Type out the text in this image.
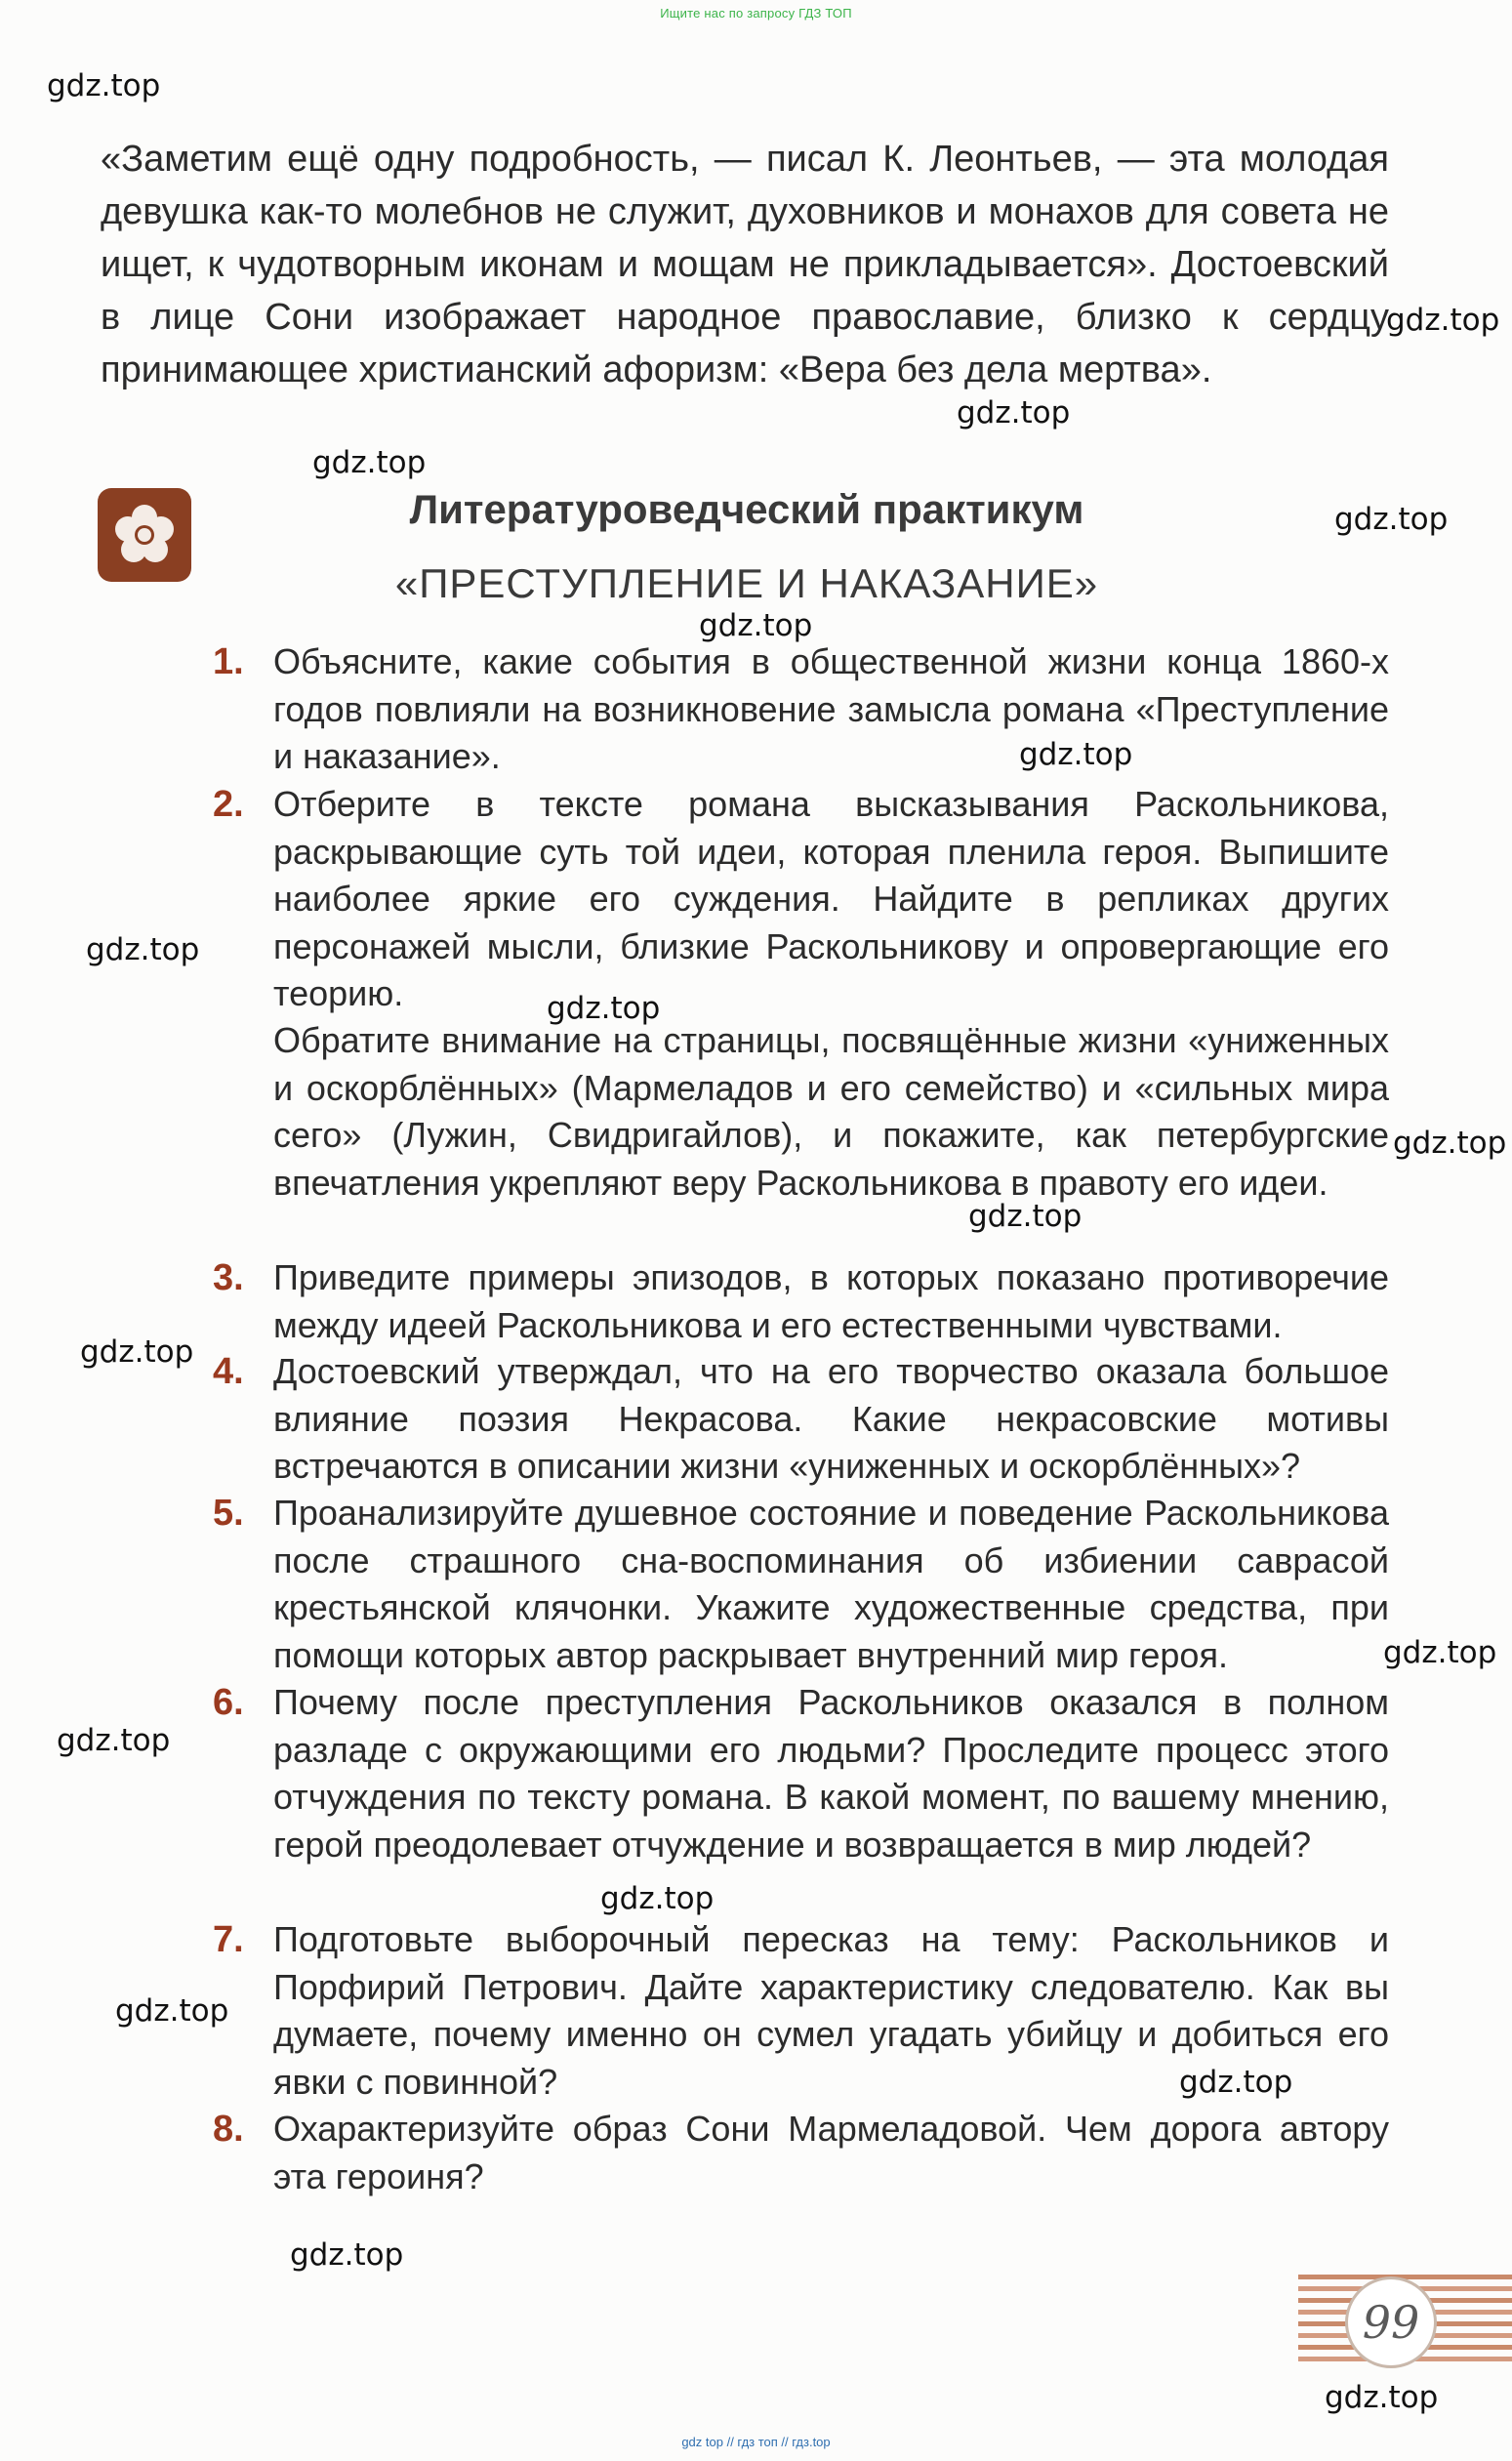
Ищите нас по запросу ГДЗ ТОП
gdz.top
gdz.top
gdz.top
gdz.top
gdz.top
gdz.top
gdz.top
gdz.top
gdz.top
gdz.top
gdz.top
gdz.top
gdz.top
gdz.top
gdz.top
gdz.top
gdz.top
gdz.top
gdz.top
«Заметим ещё одну подробность, — писал К. Леонтьев, — эта молодая девушка как-то молебнов не служит, духовников и монахов для совета не ищет, к чудотворным иконам и мощам не прикладывается». Достоевский в лице Сони изображает народное православие, близко к сердцу принимающее христианский афоризм: «Вера без дела мертва».
Литературоведческий практикум
«ПРЕСТУПЛЕНИЕ И НАКАЗАНИЕ»
1. Объясните, какие события в общественной жизни конца 1860-х годов повлияли на возникновение замысла романа «Преступление и наказание».
2. Отберите в тексте романа высказывания Раскольникова, раскрывающие суть той идеи, которая пленила героя. Выпишите наиболее яркие его суждения. Найдите в репликах других персонажей мысли, близкие Раскольникову и опровергающие его теорию.
Обратите внимание на страницы, посвящённые жизни «униженных и оскорблённых» (Мармеладов и его семейство) и «сильных мира сего» (Лужин, Свидригайлов), и покажите, как петербургские впечатления укрепляют веру Раскольникова в правоту его идеи.
3. Приведите примеры эпизодов, в которых показано противоречие между идеей Раскольникова и его естественными чувствами.
4. Достоевский утверждал, что на его творчество оказала большое влияние поэзия Некрасова. Какие некрасовские мотивы встречаются в описании жизни «униженных и оскорблённых»?
5. Проанализируйте душевное состояние и поведение Раскольникова после страшного сна-воспоминания об избиении саврасой крестьянской клячонки. Укажите художественные средства, при помощи которых автор раскрывает внутренний мир героя.
6. Почему после преступления Раскольников оказался в полном разладе с окружающими его людьми? Проследите процесс этого отчуждения по тексту романа. В какой момент, по вашему мнению, герой преодолевает отчуждение и возвращается в мир людей?
7. Подготовьте выборочный пересказ на тему: Раскольников и Порфирий Петрович. Дайте характеристику следователю. Как вы думаете, почему именно он сумел угадать убийцу и добиться его явки с повинной?
8. Охарактеризуйте образ Сони Мармеладовой. Чем дорога автору эта героиня?
99
gdz top // гдз топ // гдз.top
